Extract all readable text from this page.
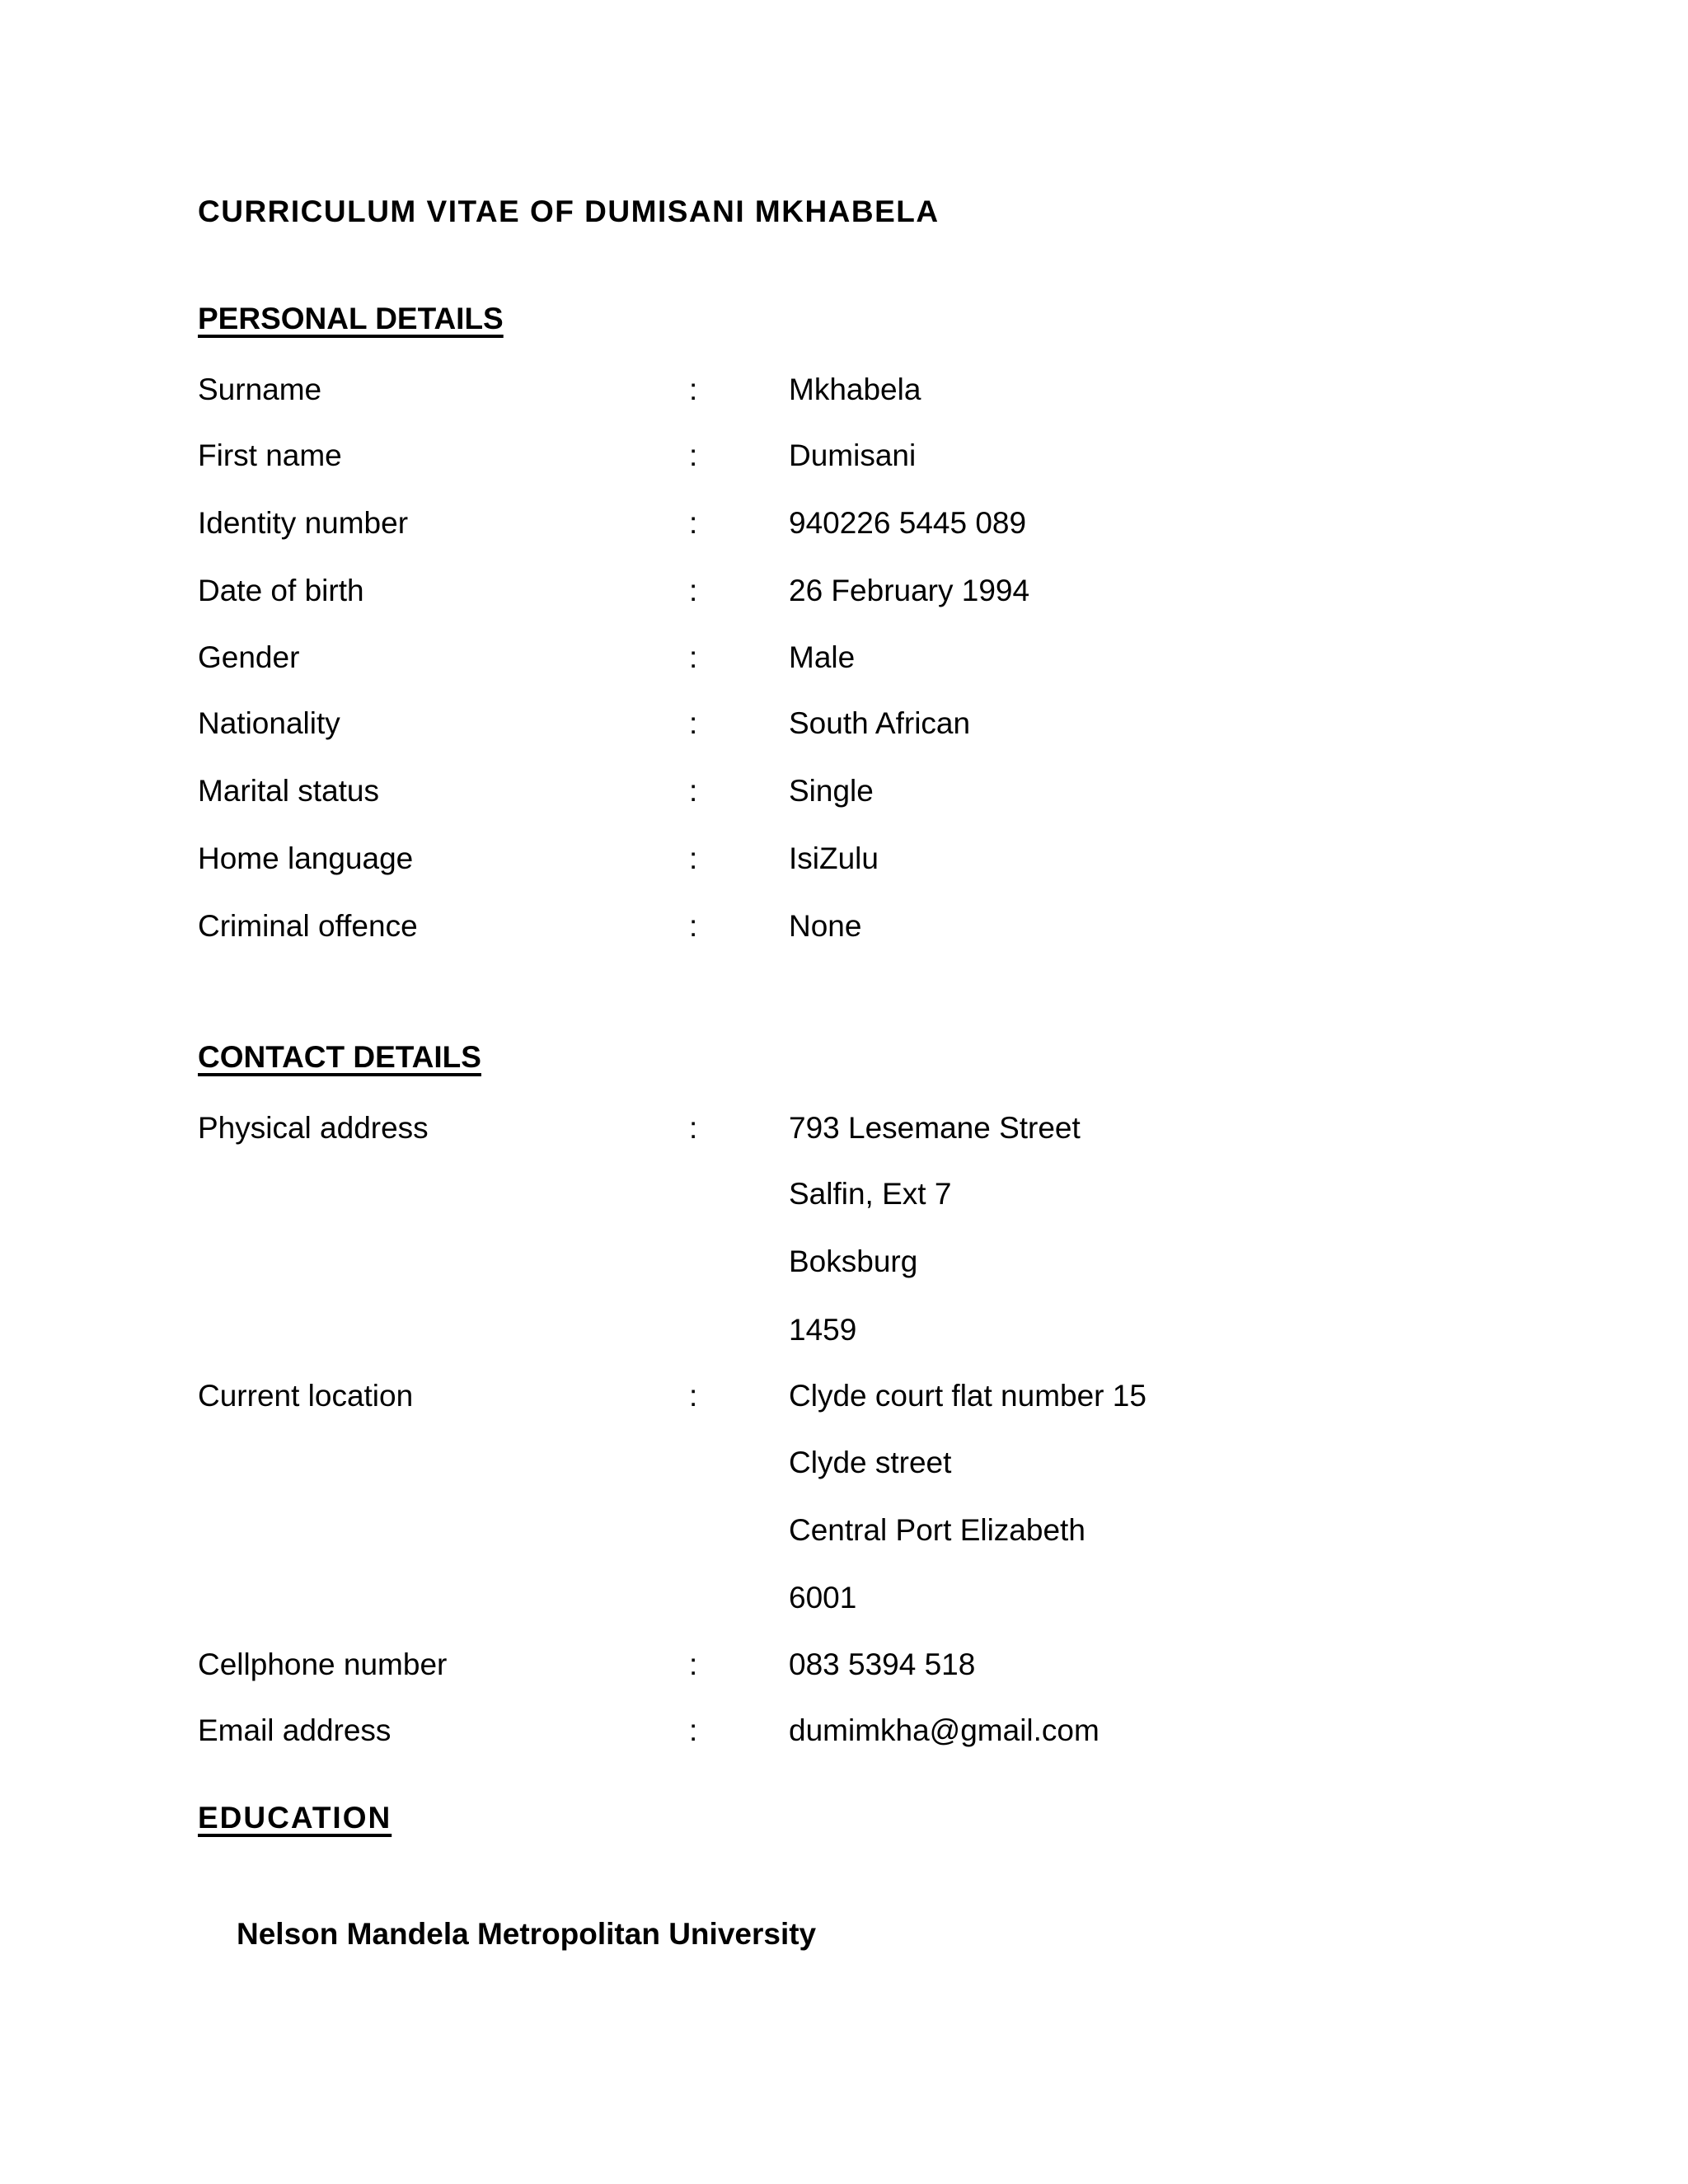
CURRICULUM VITAE OF DUMISANI MKHABELA
PERSONAL DETAILS
Surname	:	Mkhabela
First name	:	Dumisani
Identity number	:	940226 5445 089
Date of birth	:	26 February 1994
Gender	:	Male
Nationality	:	South African
Marital status	:	Single
Home language	:	IsiZulu
Criminal offence	:	None
CONTACT DETAILS
Physical address	:	793 Lesemane Street
Salfin, Ext 7
Boksburg
1459
Current location	:	Clyde court flat number 15
Clyde street
Central Port Elizabeth
6001
Cellphone number	:	083 5394 518
Email address	:	dumimkha@gmail.com
EDUCATION
Nelson Mandela Metropolitan University
